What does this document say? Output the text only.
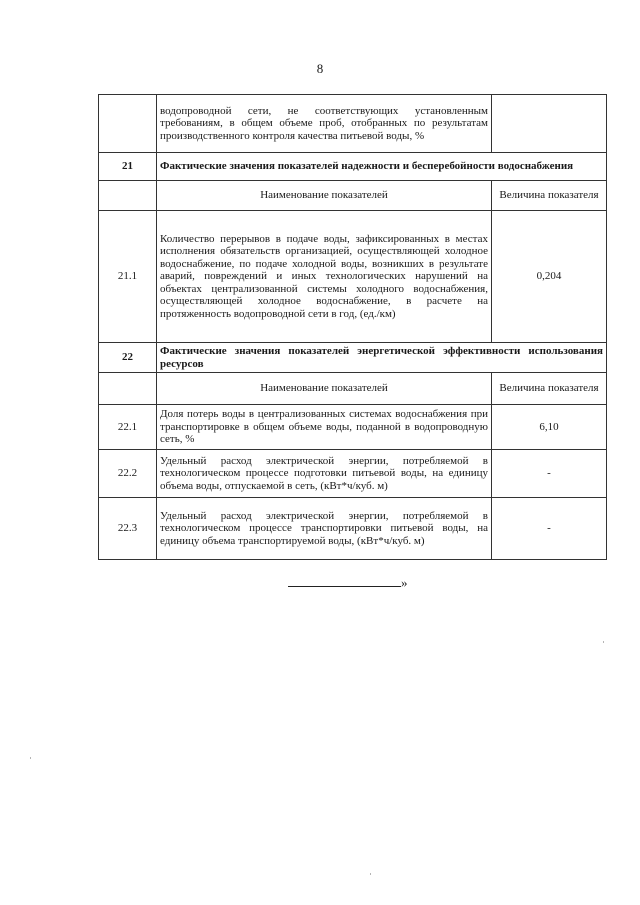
8
	водопроводной сети, не соответствующих установленным требованиям, в общем объеме проб, отобранных по результатам производственного контроля качества питьевой воды, %	
21	Фактические значения показателей надежности и бесперебойности водоснабжения	
	Наименование показателей	Величина показателя
21.1	Количество перерывов в подаче воды, зафиксированных в местах исполнения обязательств организацией, осуществляющей холодное водоснабжение, по подаче холодной воды, возникших в результате аварий, повреждений и иных технологических нарушений на объектах централизованной системы холодного водоснабжения, осуществляющей холодное водоснабжение, в расчете на протяженность водопроводной сети в год, (ед./км)	0,204
22	Фактические значения показателей энергетической эффективности использования ресурсов	
	Наименование показателей	Величина показателя
22.1	Доля потерь воды в централизованных системах водоснабжения при транспортировке в общем объеме воды, поданной в водопроводную сеть, %	6,10
22.2	Удельный расход электрической энергии, потребляемой в технологическом процессе подготовки питьевой воды, на единицу объема воды, отпускаемой в сеть, (кВт*ч/куб. м)	-
22.3	Удельный расход электрической энергии, потребляемой в технологическом процессе транспортировки питьевой воды, на единицу объема транспортируемой воды, (кВт*ч/куб. м)	-
»
